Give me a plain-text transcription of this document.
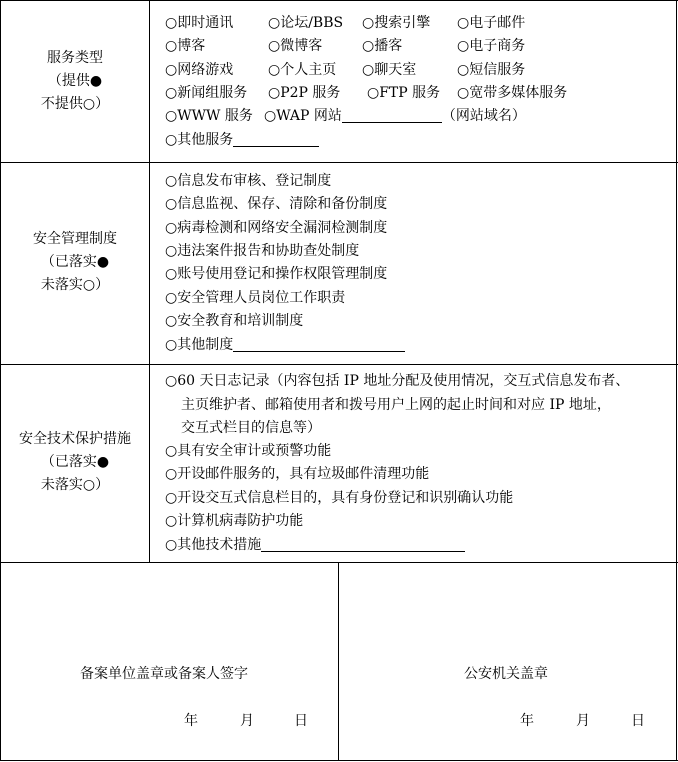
服务类型
（提供●
不提供○）
○即时通讯 ○论坛/BBS ○搜索引擎 ○电子邮件
○博客	○微博客	○播客	○电子商务
○网络游戏 ○个人主页 ○聊天室	○短信服务
○新闻组服务 ○P2P 服务 ○FTP 服务 ○宽带多媒体服务
○WWW 服务 ○WAP 网站	（网站域名）
○其他服务
安全管理制度
（已落实●
未落实○）
○信息发布审核、登记制度
○信息监视、保存、清除和备份制度
○病毒检测和网络安全漏洞检测制度
○违法案件报告和协助查处制度
○账号使用登记和操作权限管理制度
○安全管理人员岗位工作职责
○安全教育和培训制度
○其他制度
安全技术保护措施
（已落实●
未落实○）
○60 天日志记录（内容包括 IP 地址分配及使用情况，交互式信息发布者、
主页维护者、邮箱使用者和拨号用户上网的起止时间和对应 IP 地址，
交互式栏目的信息等）
○具有安全审计或预警功能
○开设邮件服务的，具有垃圾邮件清理功能
○开设交互式信息栏目的，具有身份登记和识别确认功能
○计算机病毒防护功能
○其他技术措施
备案单位盖章或备案人签字
年	月	日
公安机关盖章
年	月	日
